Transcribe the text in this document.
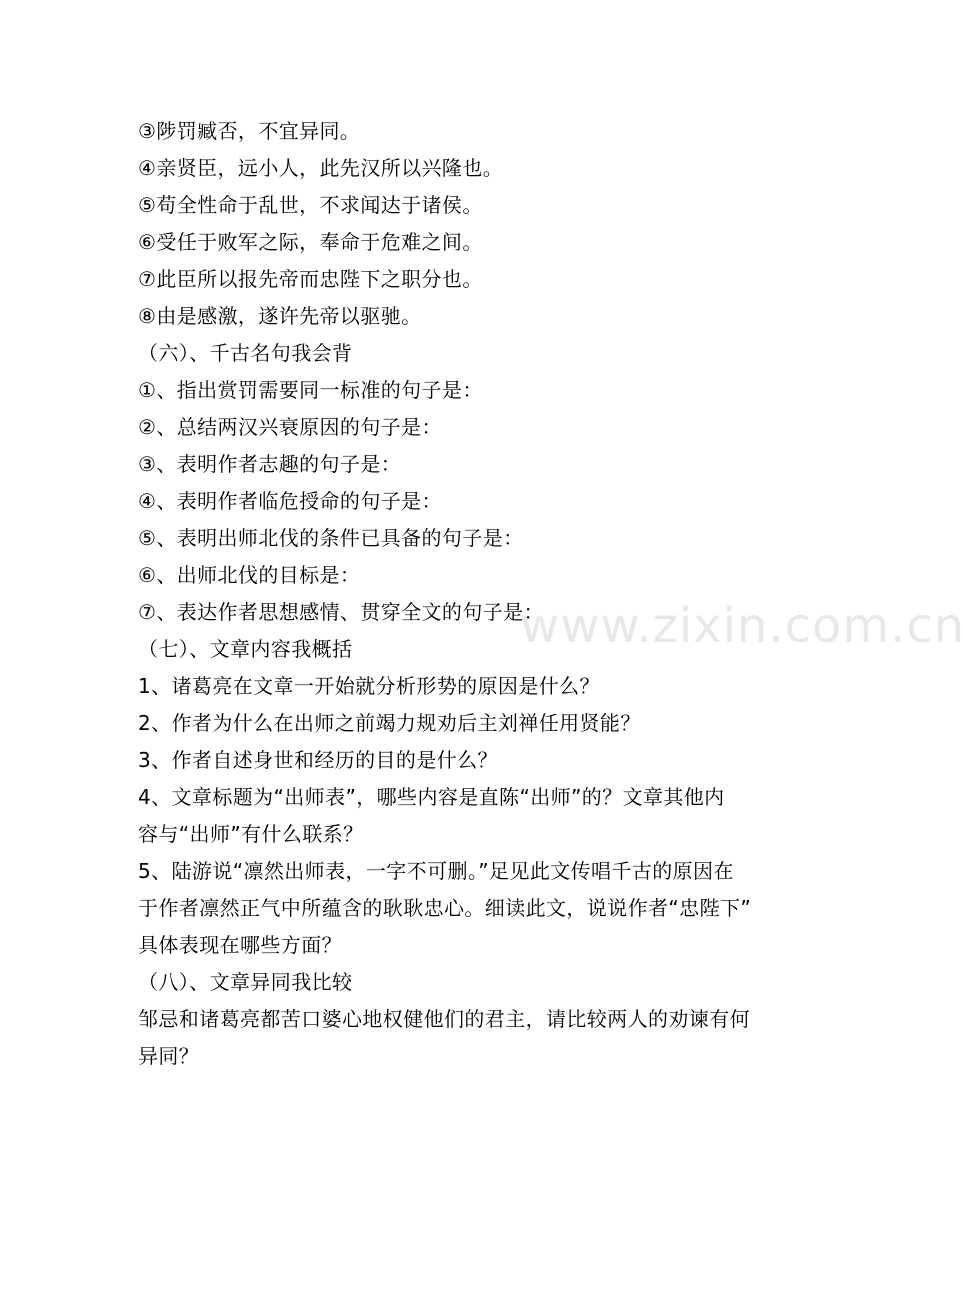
www.zixin.com.cn
③陟罚臧否，不宜异同。
④亲贤臣，远小人，此先汉所以兴隆也。
⑤苟全性命于乱世，不求闻达于诸侯。
⑥受任于败军之际，奉命于危难之间。
⑦此臣所以报先帝而忠陛下之职分也。
⑧由是感激，遂许先帝以驱驰。
（六）、千古名句我会背
①、指出赏罚需要同一标准的句子是：
②、总结两汉兴衰原因的句子是：
③、表明作者志趣的句子是：
④、表明作者临危授命的句子是：
⑤、表明出师北伐的条件已具备的句子是：
⑥、出师北伐的目标是：
⑦、表达作者思想感情、贯穿全文的句子是：
（七）、文章内容我概括
1、诸葛亮在文章一开始就分析形势的原因是什么？
2、作者为什么在出师之前竭力规劝后主刘禅任用贤能？
3、作者自述身世和经历的目的是什么？
4、文章标题为“出师表”，哪些内容是直陈“出师”的？文章其他内
容与“出师”有什么联系？
5、陆游说“凛然出师表，一字不可删。”足见此文传唱千古的原因在
于作者凛然正气中所蕴含的耿耿忠心。细读此文，说说作者“忠陛下”
具体表现在哪些方面？
（八）、文章异同我比较
邹忌和诸葛亮都苦口婆心地权健他们的君主，请比较两人的劝谏有何
异同？
